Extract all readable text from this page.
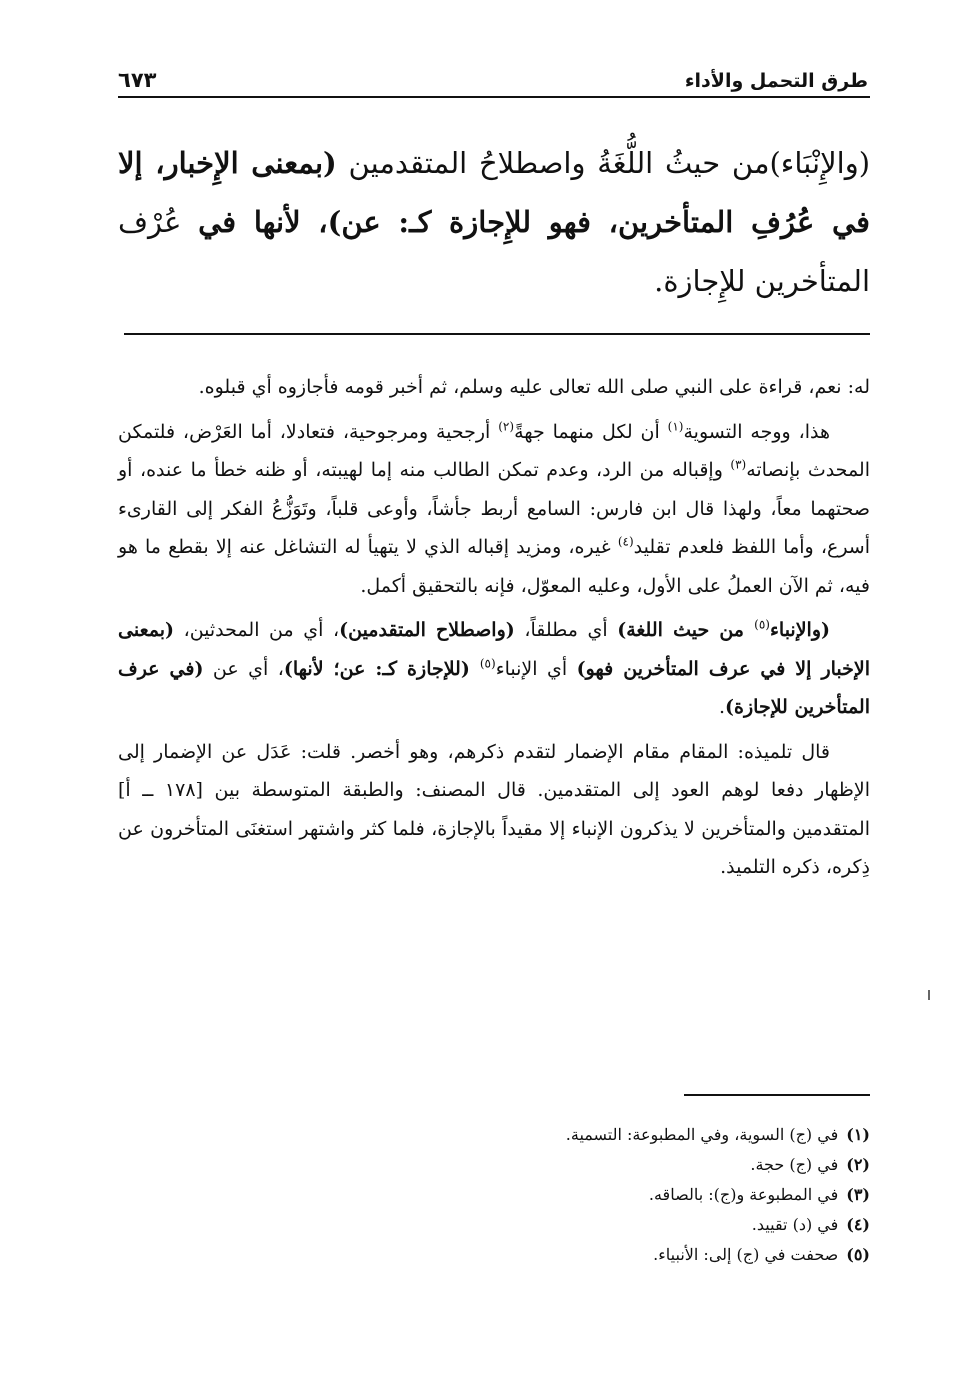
طرق التحمل والأداء
٦٧٣

(والإِنْبَاء)من حيثُ اللُّغَةُ واصطلاحُ المتقدمين (بمعنى الإِخبار، إلا في عُرُفِ المتأخرين، فهو للإِجازة كـ: عن)، لأنها في عُرْف المتأخرين للإِجازة.

له: نعم، قراءة على النبي صلى الله تعالى عليه وسلم، ثم أخبر قومه فأجازوه أي قبلوه.

هذا، ووجه التسوية$^{(١)}$ أن لكل منهما جهةً$^{(٢)}$ أرجحية ومرجوحية، فتعادلا، أما العَرْض، فلتمكن المحدث بإنصاته$^{(٣)}$ وإقباله من الرد، وعدم تمكن الطالب منه إما لهيبته، أو ظنه خطأ ما عنده، أو صحتهما معاً، ولهذا قال ابن فارس: السامع أربط جأشاً، وأوعى قلباً، وتَوَزُّعُ الفكر إلى القارىء أسرع، وأما اللفظ فلعدم تقليد$^{(٤)}$ غيره، ومزيد إقباله الذي لا يتهيأ له التشاغل عنه إلا بقطع ما هو فيه، ثم الآن العملُ على الأول، وعليه المعوّل، فإنه بالتحقيق أكمل.

(والإنباء$^{(٥)}$ من حيث اللغة) أي مطلقاً، (واصطلاح المتقدمين)، أي من المحدثين، (بمعنى الإخبار إلا في عرف المتأخرين فهو) أي الإنباء$^{(٥)}$ (للإجازة كـ: عن؛ لأنها)، أي عن (في عرف المتأخرين للإجازة).

قال تلميذه: المقام مقام الإضمار لتقدم ذكرهم، وهو أخصر. قلت: عَدَل عن الإضمار إلى الإظهار دفعا لوهم العود إلى المتقدمين. قال المصنف: والطبقة المتوسطة بين [١٧٨ ــ أ] المتقدمين والمتأخرين لا يذكرون الإنباء إلا مقيداً بالإجازة، فلما كثر واشتهر استغنَى المتأخرون عن ذِكره، ذكره التلميذ.

(١)في (ج) السوية، وفي المطبوعة: التسمية.
(٢)في (ج) حجة.
(٣)في المطبوعة و(ج): بالصاقه.
(٤)في (د) تقييد.
(٥)صحفت في (ج) إلى: الأنبياء.
